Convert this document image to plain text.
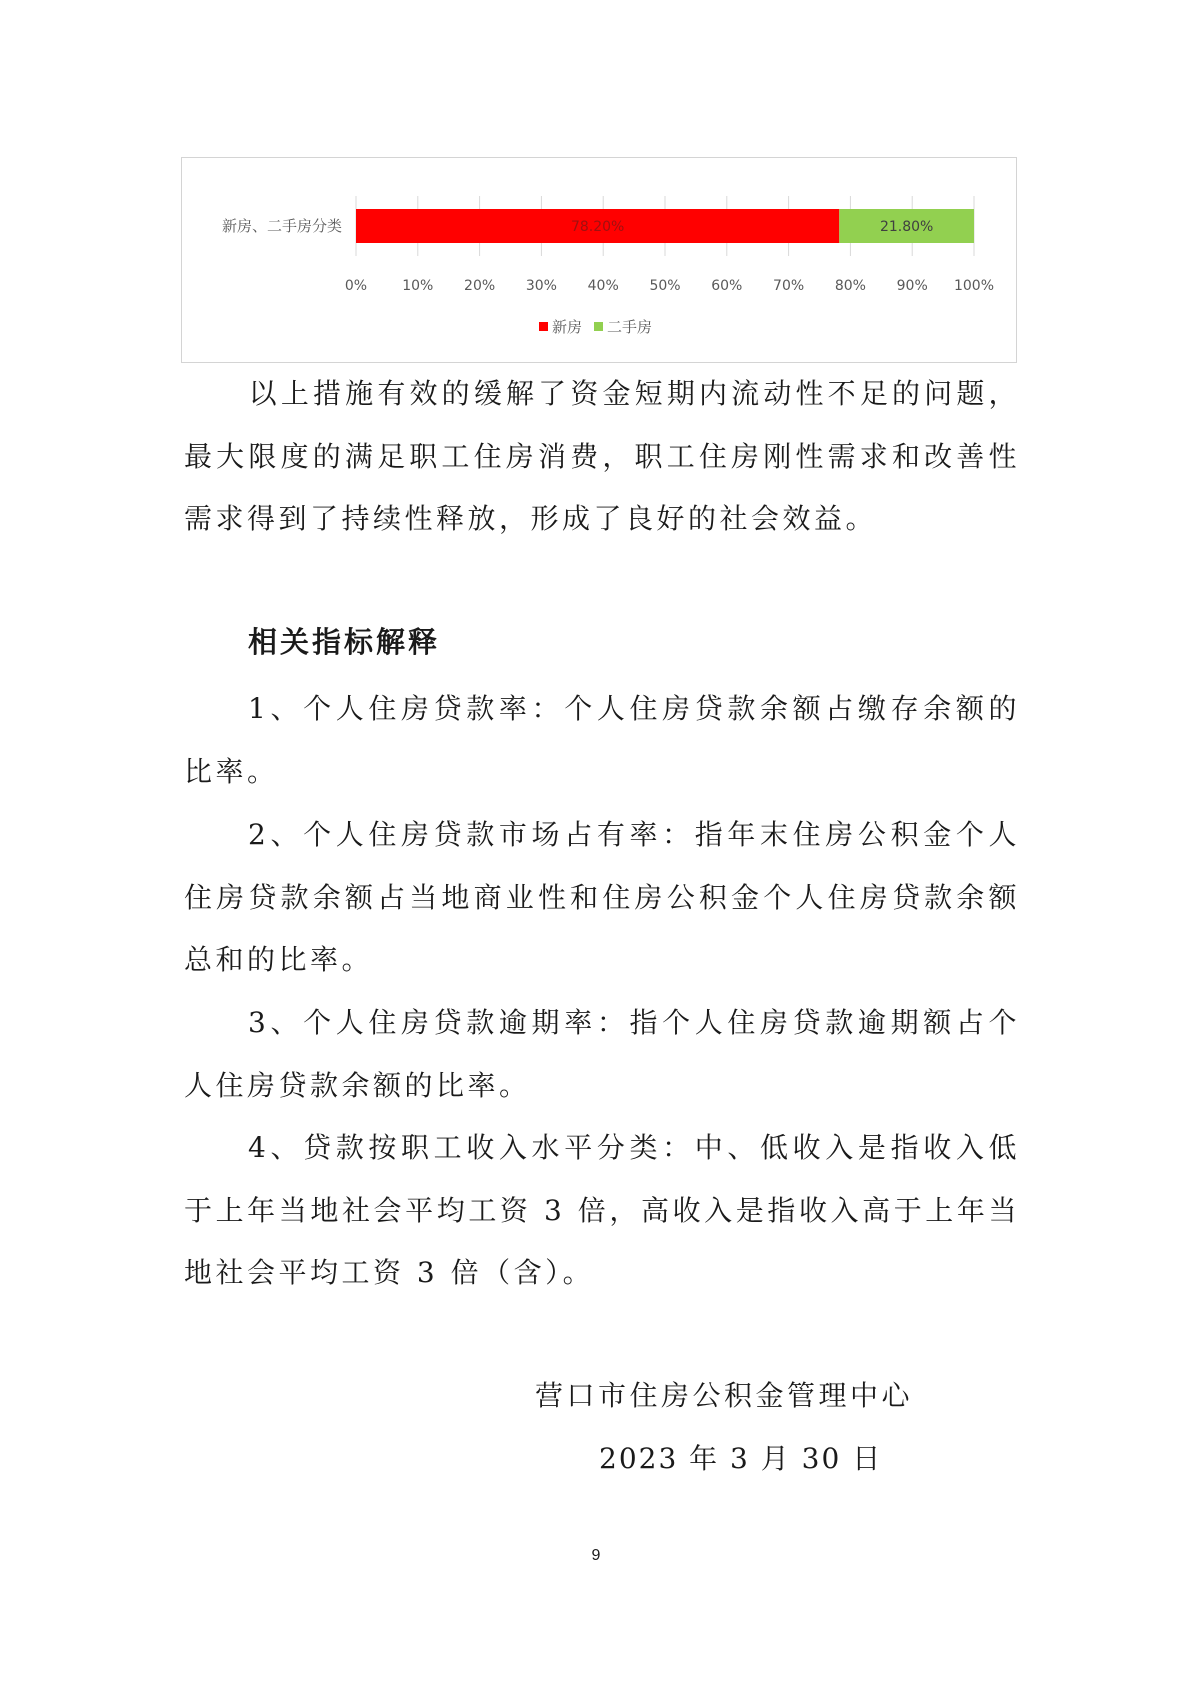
78.20%	21.80%
新房、二手房分类
0%	10% 20% 30% 40% 50% 60% 70% 80% 90% 100%
新房 二手房

以上措施有效的缓解了资金短期内流动性不足的问题，最大限度的满足职工住房消费，职工住房刚性需求和改善性需求得到了持续性释放，形成了良好的社会效益。

相关指标解释

1、个人住房贷款率：个人住房贷款余额占缴存余额的比率。

2、个人住房贷款市场占有率：指年末住房公积金个人住房贷款余额占当地商业性和住房公积金个人住房贷款余额总和的比率。

3、个人住房贷款逾期率：指个人住房贷款逾期额占个人住房贷款余额的比率。

4、贷款按职工收入水平分类：中、低收入是指收入低于上年当地社会平均工资 3 倍，高收入是指收入高于上年当地社会平均工资 3 倍（含）。

营口市住房公积金管理中心
2023 年 3 月 30 日
9
